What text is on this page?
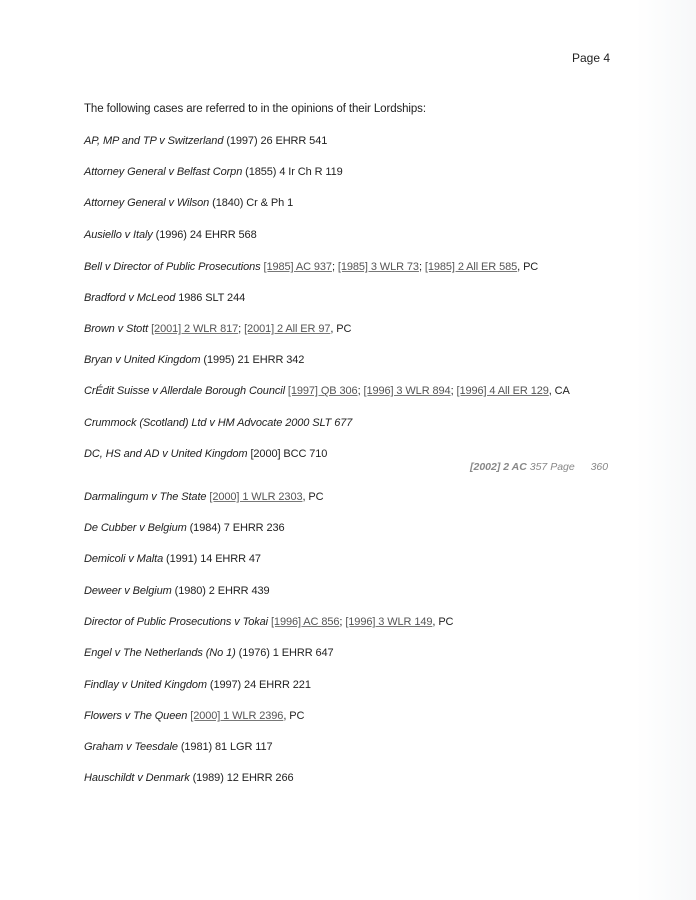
Page 4
The following cases are referred to in the opinions of their Lordships:
AP, MP and TP v Switzerland (1997) 26 EHRR 541
Attorney General v Belfast Corpn (1855) 4 Ir Ch R 119
Attorney General v Wilson (1840) Cr & Ph 1
Ausiello v Italy (1996) 24 EHRR 568
Bell v Director of Public Prosecutions [1985] AC 937; [1985] 3 WLR 73; [1985] 2 All ER 585, PC
Bradford v McLeod 1986 SLT 244
Brown v Stott [2001] 2 WLR 817; [2001] 2 All ER 97, PC
Bryan v United Kingdom (1995) 21 EHRR 342
CrÉdit Suisse v Allerdale Borough Council [1997] QB 306; [1996] 3 WLR 894; [1996] 4 All ER 129, CA
Crummock (Scotland) Ltd v HM Advocate 2000 SLT 677
DC, HS and AD v United Kingdom [2000] BCC 710
Darmalingum v The State [2000] 1 WLR 2303, PC
De Cubber v Belgium (1984) 7 EHRR 236
Demicoli v Malta (1991) 14 EHRR 47
Deweer v Belgium (1980) 2 EHRR 439
Director of Public Prosecutions v Tokai [1996] AC 856; [1996] 3 WLR 149, PC
Engel v The Netherlands (No 1) (1976) 1 EHRR 647
Findlay v United Kingdom (1997) 24 EHRR 221
Flowers v The Queen [2000] 1 WLR 2396, PC
Graham v Teesdale (1981) 81 LGR 117
Hauschildt v Denmark (1989) 12 EHRR 266
[2002] 2 AC 357 Page 360
